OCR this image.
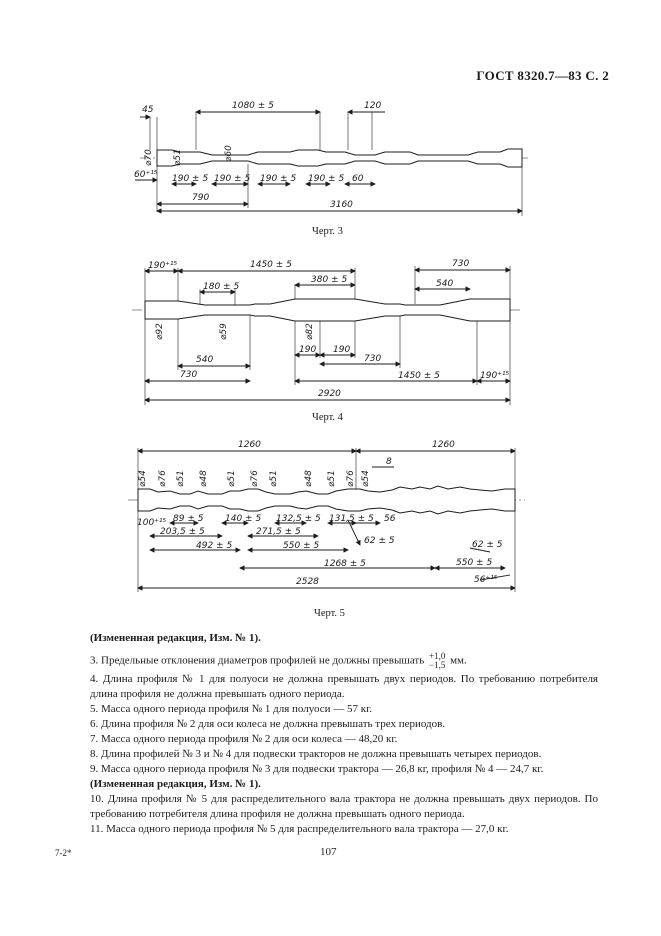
ГОСТ 8320.7—83 С. 2
45	1080 ± 5	120
⌀70 ⌀51	⌀60
60⁺¹⁵ 190 ± 5 190 ± 5 190 ± 5 190 ± 5 60
790
3160
190⁺¹⁵	1450 ± 5
380 ± 5
730
540
180 ± 5
⌀92	⌀59	⌀82
540
730
190 190
730
1450 ± 5	190⁺¹⁵
2920
1260	1260
8
⌀54 ⌀76 ⌀51 ⌀48 ⌀51 ⌀76 ⌀51	⌀48 ⌀51 ⌀76 ⌀54
100⁺¹⁵ 89 ± 5 140 ± 5 132,5 ± 5 131,5 ± 5 56
203,5 ± 5	271,5 ± 5
62 ± 5
492 ± 5	550 ± 5
1268 ± 5
62 ± 5
550 ± 5
56⁺¹⁵
2528
Черт. 3
Черт. 4
Черт. 5

(Измененная редакция, Изм. № 1).

3. Предельные отклонения диаметров профилей не должны превышать +1,0
−1,5 мм.

4. Длина профиля № 1 для полуоси не должна превышать двух периодов. По требованию потребителя длина профиля не должна превышать одного периода.

5. Масса одного периода профиля № 1 для полуоси — 57 кг.

6. Длина профиля № 2 для оси колеса не должна превышать трех периодов.

7. Масса одного периода профиля № 2 для оси колеса — 48,20 кг.

8. Длина профилей № 3 и № 4 для подвески тракторов не должна превышать четырех периодов.

9. Масса одного периода профиля № 3 для подвески трактора — 26,8 кг, профиля № 4 — 24,7 кг.

(Измененная редакция, Изм. № 1).

10. Длина профиля № 5 для распределительного вала трактора не должна превышать двух периодов. По требованию потребителя длина профиля не должна превышать одного периода.

11. Масса одного периода профиля № 5 для распределительного вала трактора — 27,0 кг.

7-2*	107
